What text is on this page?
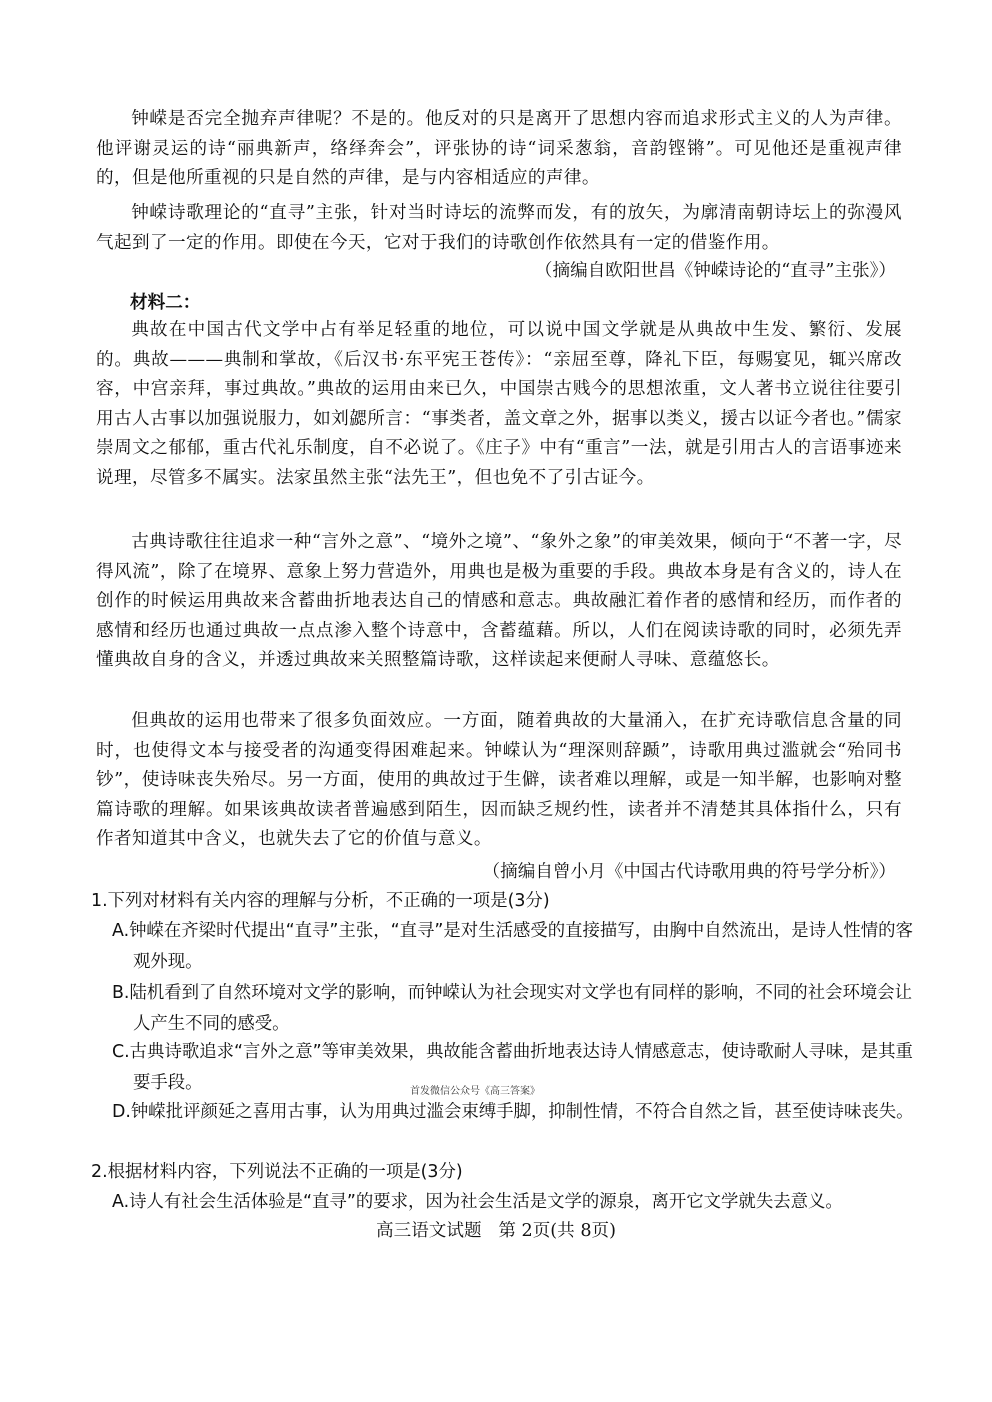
钟嵘是否完全抛弃声律呢？不是的。他反对的只是离开了思想内容而追求形式主义的人为声律。他评谢灵运的诗“丽典新声，络绎奔会”，评张协的诗“词采葱翁，音韵铿锵”。可见他还是重视声律的，但是他所重视的只是自然的声律，是与内容相适应的声律。

钟嵘诗歌理论的“直寻”主张，针对当时诗坛的流弊而发，有的放矢，为廓清南朝诗坛上的弥漫风气起到了一定的作用。即使在今天，它对于我们的诗歌创作依然具有一定的借鉴作用。

（摘编自欧阳世昌《钟嵘诗论的“直寻”主张》）

材料二：

典故在中国古代文学中占有举足轻重的地位，可以说中国文学就是从典故中生发、繁衍、发展的。典故———典制和掌故，《后汉书·东平宪王苍传》：“亲屈至尊，降礼下臣，每赐宴见，辄兴席改容，中宫亲拜，事过典故。”典故的运用由来已久，中国崇古贱今的思想浓重，文人著书立说往往要引用古人古事以加强说服力，如刘勰所言：“事类者，盖文章之外，据事以类义，援古以证今者也。”儒家崇周文之郁郁，重古代礼乐制度，自不必说了。《庄子》中有“重言”一法，就是引用古人的言语事迹来说理，尽管多不属实。法家虽然主张“法先王”，但也免不了引古证今。

古典诗歌往往追求一种“言外之意”、“境外之境”、“象外之象”的审美效果，倾向于“不著一字，尽得风流”，除了在境界、意象上努力营造外，用典也是极为重要的手段。典故本身是有含义的，诗人在创作的时候运用典故来含蓄曲折地表达自己的情感和意志。典故融汇着作者的感情和经历，而作者的感情和经历也通过典故一点点渗入整个诗意中，含蓄蕴藉。所以，人们在阅读诗歌的同时，必须先弄懂典故自身的含义，并透过典故来关照整篇诗歌，这样读起来便耐人寻味、意蕴悠长。

但典故的运用也带来了很多负面效应。一方面，随着典故的大量涌入，在扩充诗歌信息含量的同时，也使得文本与接受者的沟通变得困难起来。钟嵘认为“理深则辞踬”，诗歌用典过滥就会“殆同书钞”，使诗味丧失殆尽。另一方面，使用的典故过于生僻，读者难以理解，或是一知半解，也影响对整篇诗歌的理解。如果该典故读者普遍感到陌生，因而缺乏规约性，读者并不清楚其具体指什么，只有作者知道其中含义，也就失去了它的价值与意义。

（摘编自曾小月《中国古代诗歌用典的符号学分析》）

1.下列对材料有关内容的理解与分析，不正确的一项是(3分)

A.钟嵘在齐梁时代提出“直寻”主张，“直寻”是对生活感受的直接描写，由胸中自然流出，是诗人性情的客观外现。

B.陆机看到了自然环境对文学的影响，而钟嵘认为社会现实对文学也有同样的影响，不同的社会环境会让人产生不同的感受。

C.古典诗歌追求“言外之意”等审美效果，典故能含蓄曲折地表达诗人情感意志，使诗歌耐人寻味，是其重要手段。

D.钟嵘批评颜延之喜用古事，认为用典过滥会束缚手脚，抑制性情，不符合自然之旨，甚至使诗味丧失。

首发微信公众号《高三答案》

2.根据材料内容，下列说法不正确的一项是(3分)

A.诗人有社会生活体验是“直寻”的要求，因为社会生活是文学的源泉，离开它文学就失去意义。

高三语文试题   第 2页(共 8页)
